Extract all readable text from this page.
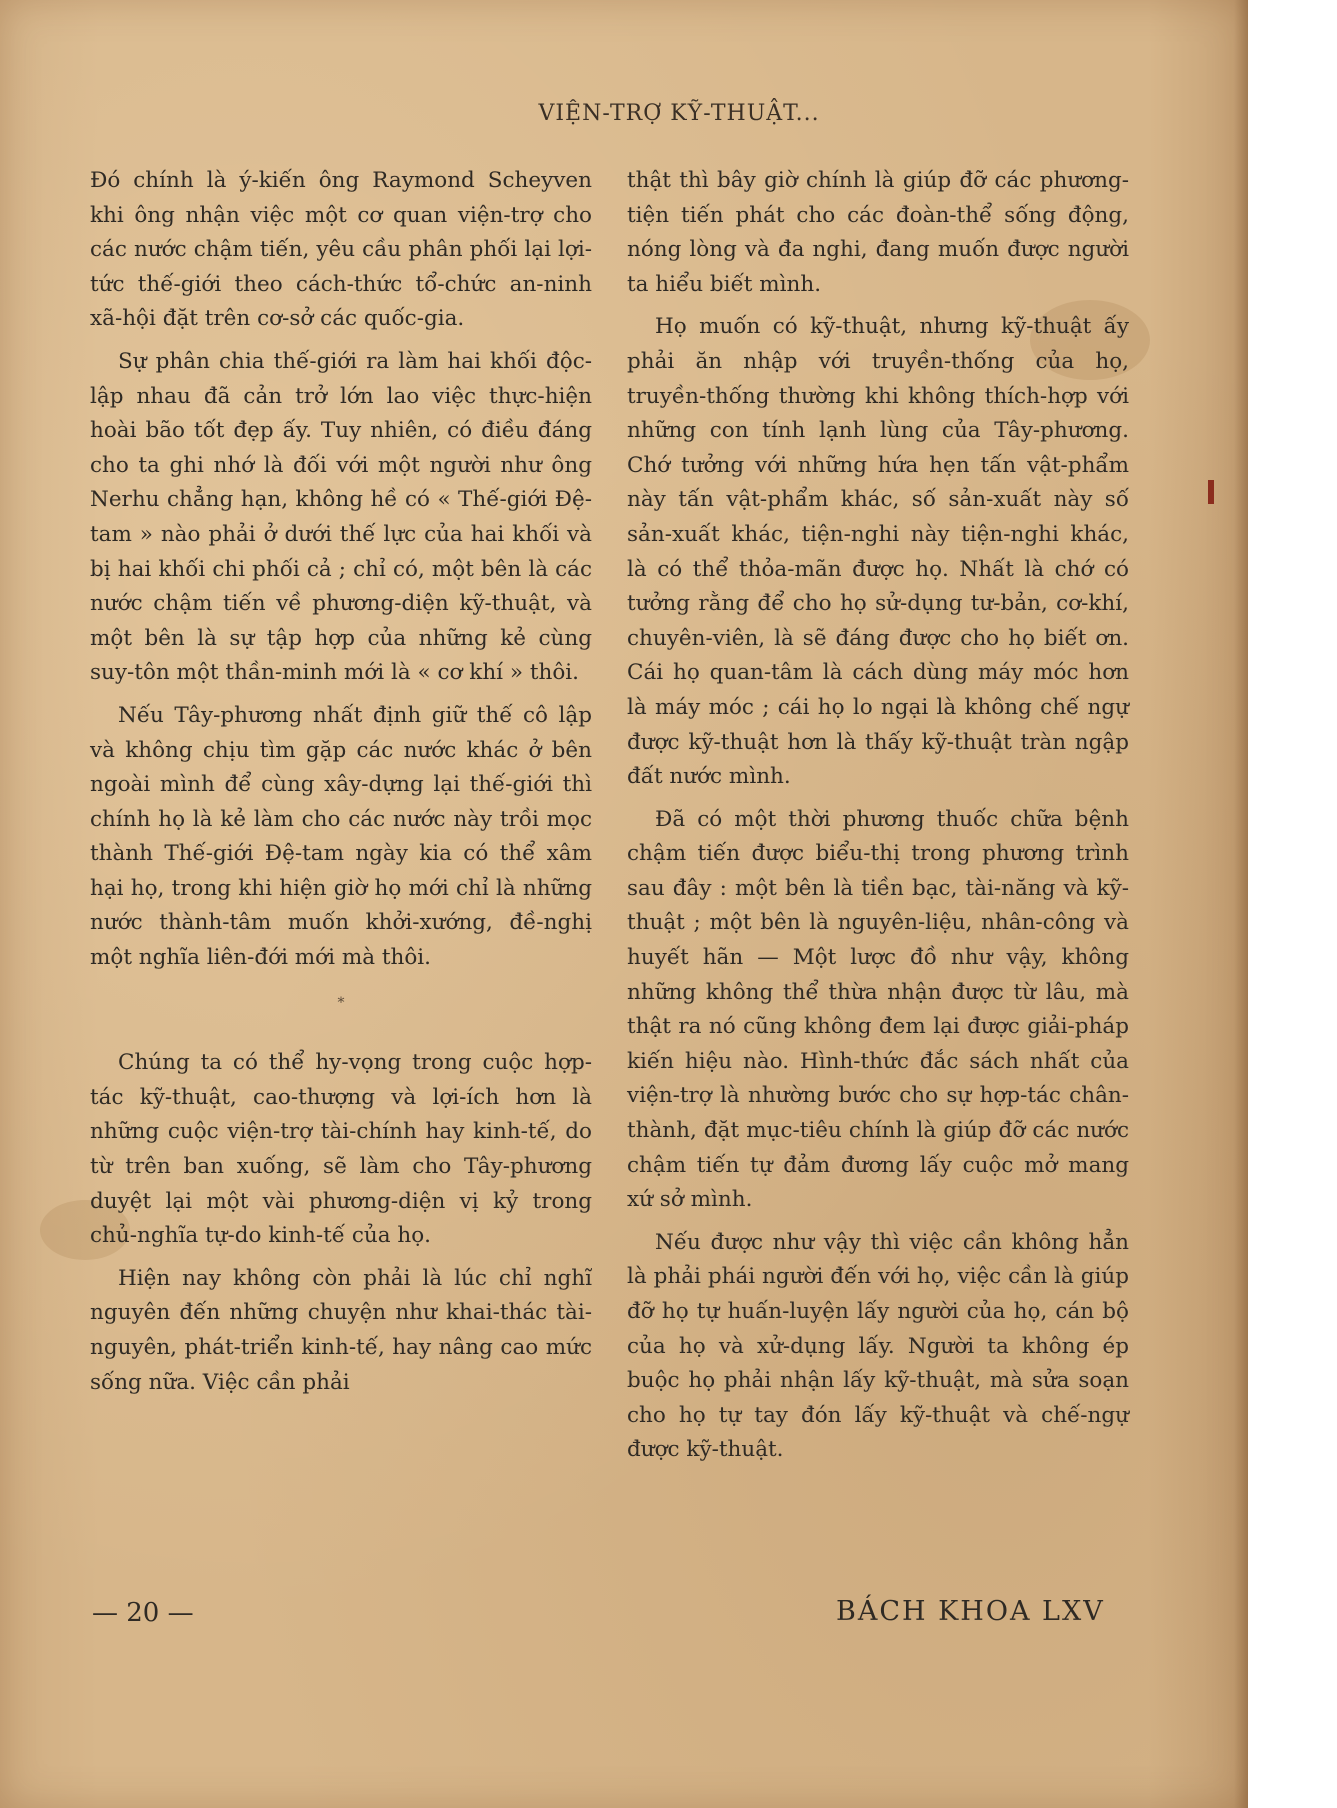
VIỆN-TRỢ KỸ-THUẬT...

Đó chính là ý-kiến ông Raymond Scheyven khi ông nhận việc một cơ quan viện-trợ cho các nước chậm tiến, yêu cầu phân phối lại lợi-tức thế-giới theo cách-thức tổ-chức an-ninh xã-hội đặt trên cơ-sở các quốc-gia.

Sự phân chia thế-giới ra làm hai khối độc-lập nhau đã cản trở lớn lao việc thực-hiện hoài bão tốt đẹp ấy. Tuy nhiên, có điều đáng cho ta ghi nhớ là đối với một người như ông Nerhu chẳng hạn, không hề có « Thế-giới Đệ-tam » nào phải ở dưới thế lực của hai khối và bị hai khối chi phối cả ; chỉ có, một bên là các nước chậm tiến về phương-diện kỹ-thuật, và một bên là sự tập hợp của những kẻ cùng suy-tôn một thần-minh mới là « cơ khí » thôi.

Nếu Tây-phương nhất định giữ thế cô lập và không chịu tìm gặp các nước khác ở bên ngoài mình để cùng xây-dựng lại thế-giới thì chính họ là kẻ làm cho các nước này trồi mọc thành Thế-giới Đệ-tam ngày kia có thể xâm hại họ, trong khi hiện giờ họ mới chỉ là những nước thành-tâm muốn khởi-xướng, đề-nghị một nghĩa liên-đới mới mà thôi.

*

Chúng ta có thể hy-vọng trong cuộc hợp-tác kỹ-thuật, cao-thượng và lợi-ích hơn là những cuộc viện-trợ tài-chính hay kinh-tế, do từ trên ban xuống, sẽ làm cho Tây-phương duyệt lại một vài phương-diện vị kỷ trong chủ-nghĩa tự-do kinh-tế của họ.

Hiện nay không còn phải là lúc chỉ nghĩ nguyên đến những chuyện như khai-thác tài-nguyên, phát-triển kinh-tế, hay nâng cao mức sống nữa. Việc cần phải

thật thì bây giờ chính là giúp đỡ các phương-tiện tiến phát cho các đoàn-thể sống động, nóng lòng và đa nghi, đang muốn được người ta hiểu biết mình.

Họ muốn có kỹ-thuật, nhưng kỹ-thuật ấy phải ăn nhập với truyền-thống của họ, truyền-thống thường khi không thích-hợp với những con tính lạnh lùng của Tây-phương. Chớ tưởng với những hứa hẹn tấn vật-phẩm này tấn vật-phẩm khác, số sản-xuất này số sản-xuất khác, tiện-nghi này tiện-nghi khác, là có thể thỏa-mãn được họ. Nhất là chớ có tưởng rằng để cho họ sử-dụng tư-bản, cơ-khí, chuyên-viên, là sẽ đáng được cho họ biết ơn. Cái họ quan-tâm là cách dùng máy móc hơn là máy móc ; cái họ lo ngại là không chế ngự được kỹ-thuật hơn là thấy kỹ-thuật tràn ngập đất nước mình.

Đã có một thời phương thuốc chữa bệnh chậm tiến được biểu-thị trong phương trình sau đây : một bên là tiền bạc, tài-năng và kỹ-thuật ; một bên là nguyên-liệu, nhân-công và huyết hãn — Một lược đồ như vậy, không những không thể thừa nhận được từ lâu, mà thật ra nó cũng không đem lại được giải-pháp kiến hiệu nào. Hình-thức đắc sách nhất của viện-trợ là nhường bước cho sự hợp-tác chân-thành, đặt mục-tiêu chính là giúp đỡ các nước chậm tiến tự đảm đương lấy cuộc mở mang xứ sở mình.

Nếu được như vậy thì việc cần không hẳn là phải phái người đến với họ, việc cần là giúp đỡ họ tự huấn-luyện lấy người của họ, cán bộ của họ và xử-dụng lấy. Người ta không ép buộc họ phải nhận lấy kỹ-thuật, mà sửa soạn cho họ tự tay đón lấy kỹ-thuật và chế-ngự được kỹ-thuật.

— 20 —	BÁCH KHOA LXV
